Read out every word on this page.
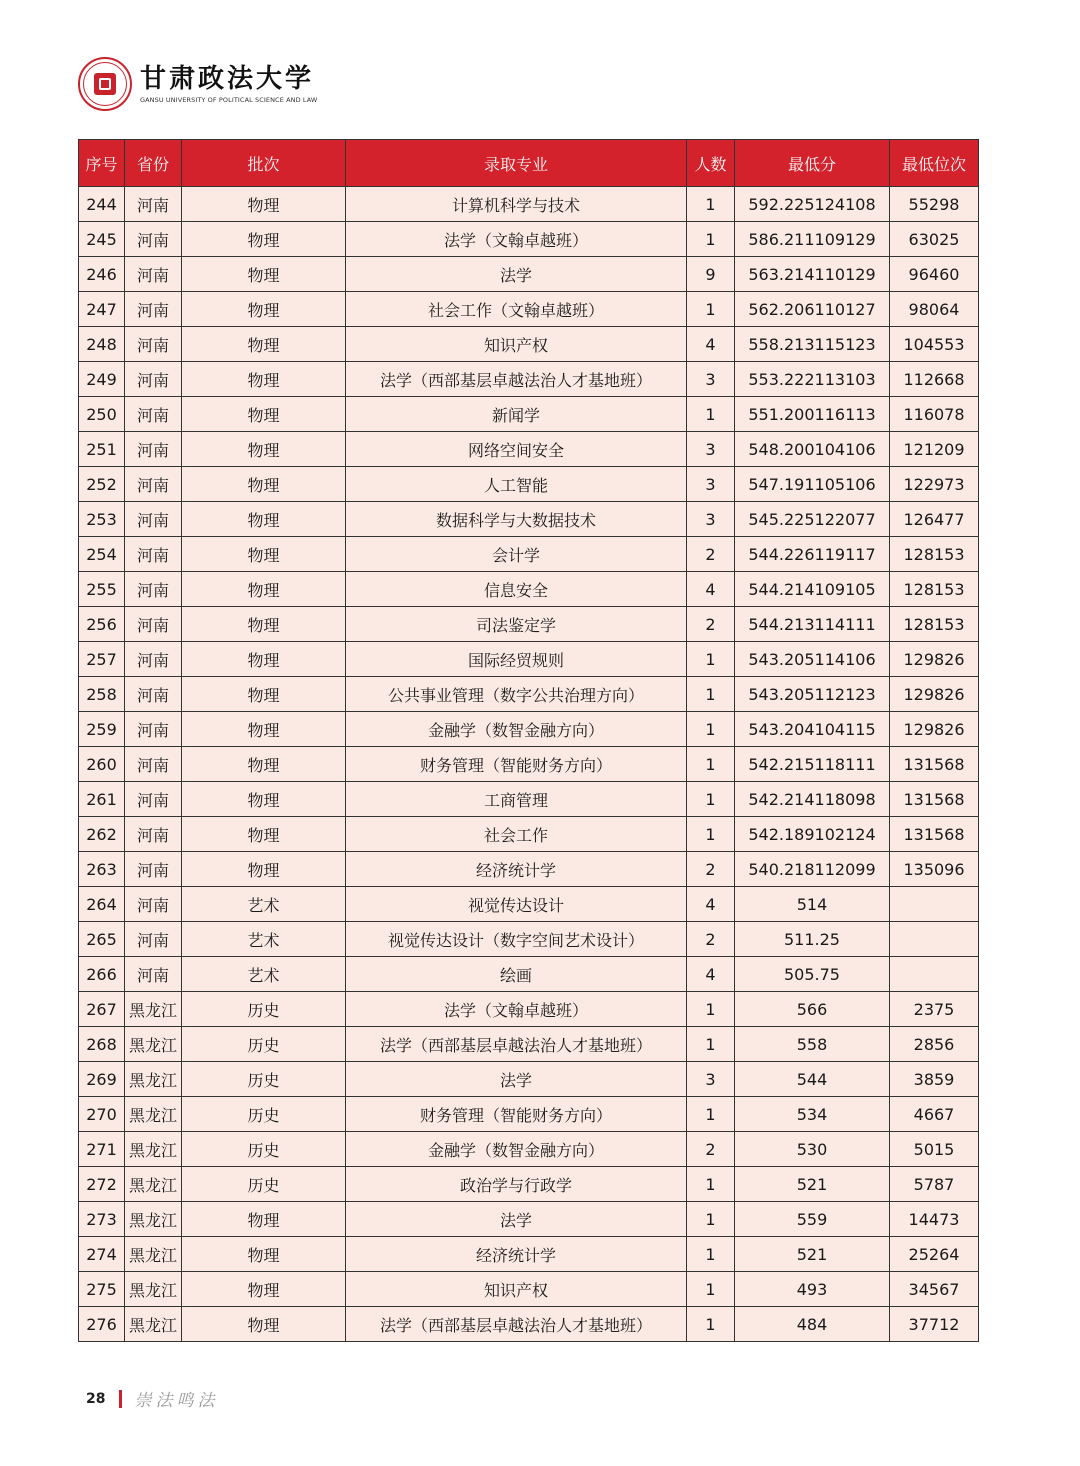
甘肃政法大学
GANSU UNIVERSITY OF POLITICAL SCIENCE AND LAW
序号	省份	批次	录取专业	人数	最低分	最低位次
244	河南	物理	计算机科学与技术	1	592.225124108	55298
245	河南	物理	法学（文翰卓越班）	1	586.211109129	63025
246	河南	物理	法学	9	563.214110129	96460
247	河南	物理	社会工作（文翰卓越班）	1	562.206110127	98064
248	河南	物理	知识产权	4	558.213115123	104553
249	河南	物理	法学（西部基层卓越法治人才基地班）	3	553.222113103	112668
250	河南	物理	新闻学	1	551.200116113	116078
251	河南	物理	网络空间安全	3	548.200104106	121209
252	河南	物理	人工智能	3	547.191105106	122973
253	河南	物理	数据科学与大数据技术	3	545.225122077	126477
254	河南	物理	会计学	2	544.226119117	128153
255	河南	物理	信息安全	4	544.214109105	128153
256	河南	物理	司法鉴定学	2	544.213114111	128153
257	河南	物理	国际经贸规则	1	543.205114106	129826
258	河南	物理	公共事业管理（数字公共治理方向）	1	543.205112123	129826
259	河南	物理	金融学（数智金融方向）	1	543.204104115	129826
260	河南	物理	财务管理（智能财务方向）	1	542.215118111	131568
261	河南	物理	工商管理	1	542.214118098	131568
262	河南	物理	社会工作	1	542.189102124	131568
263	河南	物理	经济统计学	2	540.218112099	135096
264	河南	艺术	视觉传达设计	4	514	
265	河南	艺术	视觉传达设计（数字空间艺术设计）	2	511.25	
266	河南	艺术	绘画	4	505.75	
267	黑龙江	历史	法学（文翰卓越班）	1	566	2375
268	黑龙江	历史	法学（西部基层卓越法治人才基地班）	1	558	2856
269	黑龙江	历史	法学	3	544	3859
270	黑龙江	历史	财务管理（智能财务方向）	1	534	4667
271	黑龙江	历史	金融学（数智金融方向）	2	530	5015
272	黑龙江	历史	政治学与行政学	1	521	5787
273	黑龙江	物理	法学	1	559	14473
274	黑龙江	物理	经济统计学	1	521	25264
275	黑龙江	物理	知识产权	1	493	34567
276	黑龙江	物理	法学（西部基层卓越法治人才基地班）	1	484	37712
28 崇法鸣法
